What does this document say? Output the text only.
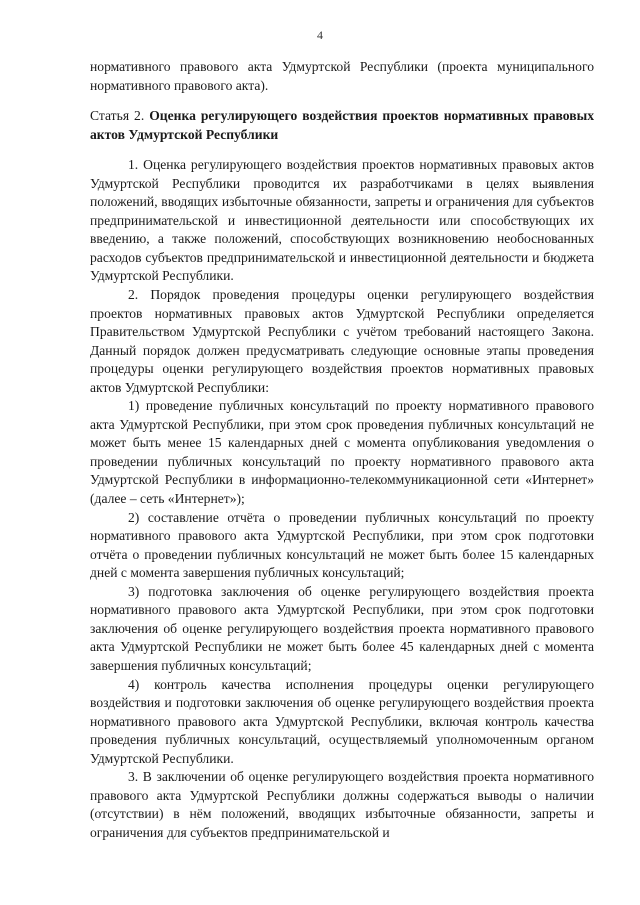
4

нормативного правового акта Удмуртской Республики (проекта муниципального нормативного правового акта).

Статья 2. Оценка регулирующего воздействия проектов нормативных правовых актов Удмуртской Республики

1. Оценка регулирующего воздействия проектов нормативных правовых актов Удмуртской Республики проводится их разработчиками в целях выявления положений, вводящих избыточные обязанности, запреты и ограничения для субъектов предпринимательской и инвестиционной деятельности или способствующих их введению, а также положений, способствующих возникновению необоснованных расходов субъектов предпринимательской и инвестиционной деятельности и бюджета Удмуртской Республики.

2. Порядок проведения процедуры оценки регулирующего воздействия проектов нормативных правовых актов Удмуртской Республики определяется Правительством Удмуртской Республики с учётом требований настоящего Закона. Данный порядок должен предусматривать следующие основные этапы проведения процедуры оценки регулирующего воздействия проектов нормативных правовых актов Удмуртской Республики:

1) проведение публичных консультаций по проекту нормативного правового акта Удмуртской Республики, при этом срок проведения публичных консультаций не может быть менее 15 календарных дней с момента опубликования уведомления о проведении публичных консультаций по проекту нормативного правового акта Удмуртской Республики в информационно-телекоммуникационной сети «Интернет» (далее – сеть «Интернет»);

2) составление отчёта о проведении публичных консультаций по проекту нормативного правового акта Удмуртской Республики, при этом срок подготовки отчёта о проведении публичных консультаций не может быть более 15 календарных дней с момента завершения публичных консультаций;

3) подготовка заключения об оценке регулирующего воздействия проекта нормативного правового акта Удмуртской Республики, при этом срок подготовки заключения об оценке регулирующего воздействия проекта нормативного правового акта Удмуртской Республики не может быть более 45 календарных дней с момента завершения публичных консультаций;

4) контроль качества исполнения процедуры оценки регулирующего воздействия и подготовки заключения об оценке регулирующего воздействия проекта нормативного правового акта Удмуртской Республики, включая контроль качества проведения публичных консультаций, осуществляемый уполномоченным органом Удмуртской Республики.

3. В заключении об оценке регулирующего воздействия проекта нормативного правового акта Удмуртской Республики должны содержаться выводы о наличии (отсутствии) в нём положений, вводящих избыточные обязанности, запреты и ограничения для субъектов предпринимательской и
